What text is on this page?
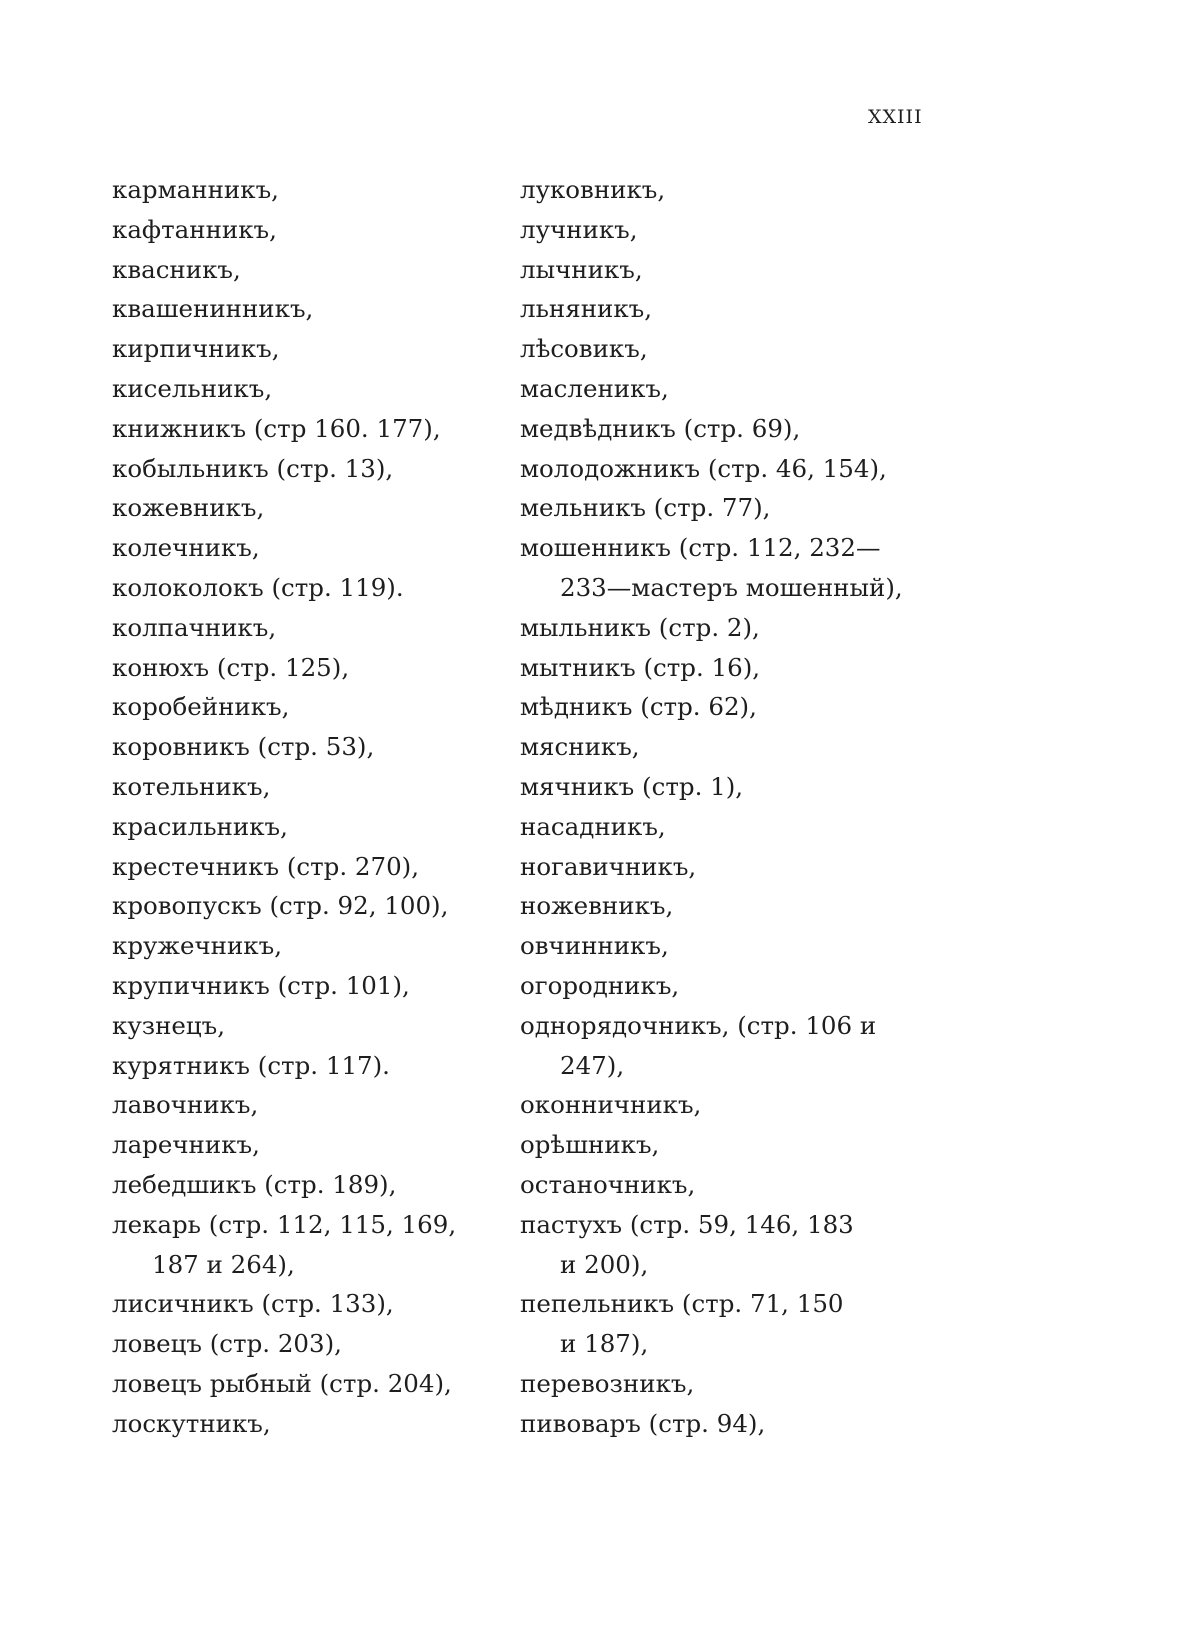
XXIII
карманникъ,
кафтанникъ,
квасникъ,
квашенинникъ,
кирпичникъ,
кисельникъ,
книжникъ (стр 160. 177),
кобыльникъ (стр. 13),
кожевникъ,
колечникъ,
колоколокъ (стр. 119).
колпачникъ,
конюхъ (стр. 125),
коробейникъ,
коровникъ (стр. 53),
котельникъ,
красильникъ,
крестечникъ (стр. 270),
кровопускъ (стр. 92, 100),
кружечникъ,
крупичникъ (стр. 101),
кузнецъ,
курятникъ (стр. 117).
лавочникъ,
ларечникъ,
лебедшикъ (стр. 189),
лекарь (стр. 112, 115, 169,
187 и 264),
лисичникъ (стр. 133),
ловецъ (стр. 203),
ловецъ рыбный (стр. 204),
лоскутникъ,
луковникъ,
лучникъ,
лычникъ,
льняникъ,
лѣсовикъ,
масленикъ,
медвѣдникъ (стр. 69),
молодожникъ (стр. 46, 154),
мельникъ (стр. 77),
мошенникъ (стр. 112, 232—
233—мастеръ мошенный),
мыльникъ (стр. 2),
мытникъ (стр. 16),
мѣдникъ (стр. 62),
мясникъ,
мячникъ (стр. 1),
насадникъ,
ногавичникъ,
ножевникъ,
овчинникъ,
огородникъ,
однорядочникъ, (стр. 106 и
247),
оконничникъ,
орѣшникъ,
останочникъ,
пастухъ (стр. 59, 146, 183
и 200),
пепельникъ (стр. 71, 150
и 187),
перевозникъ,
пивоваръ (стр. 94),
